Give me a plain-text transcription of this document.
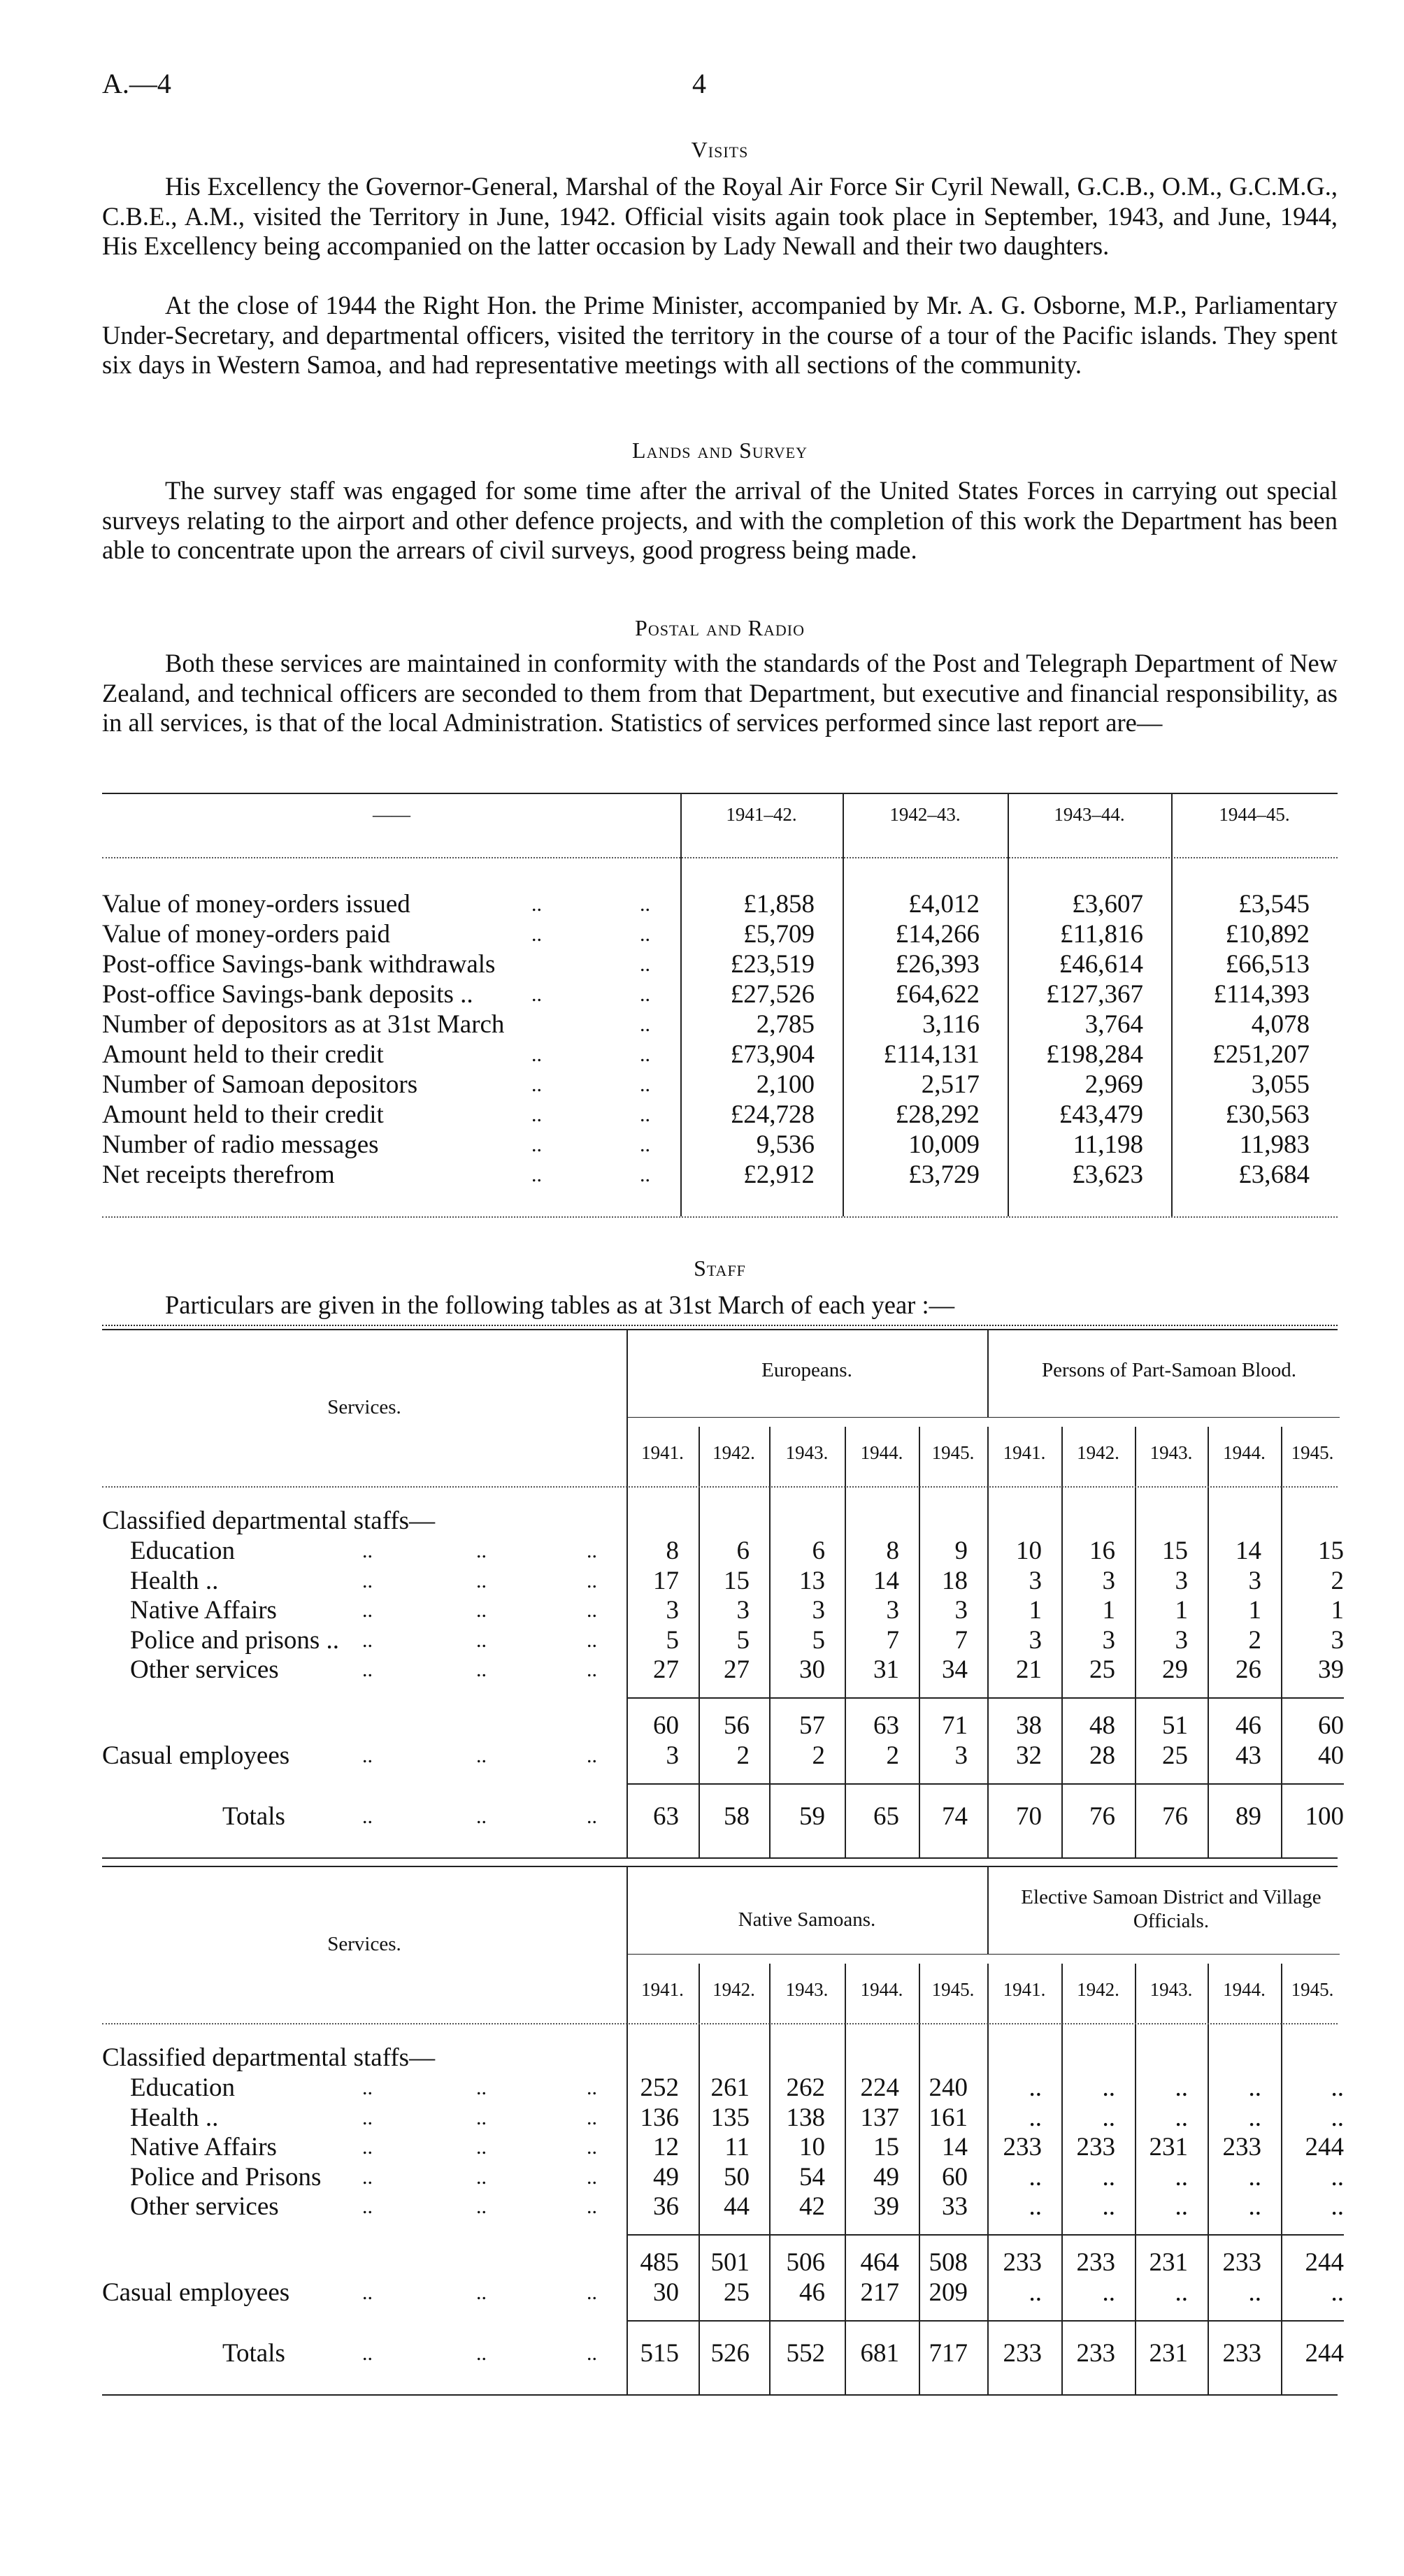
A.—4	4
Visits

His Excellency the Governor-General, Marshal of the Royal Air Force Sir Cyril Newall, G.C.B., O.M., G.C.M.G., C.B.E., A.M., visited the Territory in June, 1942. Official visits again took place in September, 1943, and June, 1944, His Excellency being accompanied on the latter occasion by Lady Newall and their two daughters.

At the close of 1944 the Right Hon. the Prime Minister, accompanied by Mr. A. G. Osborne, M.P., Parliamentary Under-Secretary, and departmental officers, visited the territory in the course of a tour of the Pacific islands. They spent six days in Western Samoa, and had representative meetings with all sections of the community.

Lands and Survey

The survey staff was engaged for some time after the arrival of the United States Forces in carrying out special surveys relating to the airport and other defence projects, and with the completion of this work the Department has been able to concentrate upon the arrears of civil surveys, good progress being made.

Postal and Radio

Both these services are maintained in conformity with the standards of the Post and Telegraph Department of New Zealand, and technical officers are seconded to them from that Department, but executive and financial responsibility, as in all services, is that of the local Administration. Statistics of services performed since last report are—

——	1941–42.	1942–43.	1943–44.	1944–45.
Value of money-orders issued	..	..	£1,858	£4,012	£3,607	£3,545
Value of money-orders paid	..	..	£5,709	£14,266	£11,816	£10,892
Post-office Savings-bank withdrawals	..	£23,519	£26,393	£46,614	£66,513
Post-office Savings-bank deposits ..	..	..	£27,526	£64,622	£127,367	£114,393
Number of depositors as at 31st March	..	2,785	3,116	3,764	4,078
Amount held to their credit	..	..	£73,904	£114,131	£198,284	£251,207
Number of Samoan depositors	..	..	2,100	2,517	2,969	3,055
Amount held to their credit	..	..	£24,728	£28,292	£43,479	£30,563
Number of radio messages	..	..	9,536	10,009	11,198	11,983
Net receipts therefrom	..	..	£2,912	£3,729	£3,623	£3,684
Staff
Particulars are given in the following tables as at 31st March of each year :—
Europeans.	Persons of Part-Samoan Blood.
Services.
1941.	1942.	1943.	1944.	1945.	1941.	1942.	1943.	1944.	1945.
Classified departmental staffs—
Education	..	..	..	8	6	6	8	9	10	16	15	14	15
Health ..	..	..	..	17	15	13	14	18	3	3	3	3	2
Native Affairs	..	..	..	3	3	3	3	3	1	1	1	1	1
Police and prisons .. ..	..	..	5	5	5	7	7	3	3	3	2	3
Other services	..	..	..	27	27	30	31	34	21	25	29	26	39
60	56	57	63	71	38	48	51	46	60
Casual employees	..	..	..	3	2	2	2	3	32	28	25	43	40
Totals	..	..	..	63	58	59	65	74	70	76	76	89	100
Native Samoans.
Elective Samoan District and Village Officials.
Services.
1941.	1942.	1943.	1944.	1945.	1941.	1942.	1943.	1944.	1945.
Classified departmental staffs—
Education	..	..	..	252	261	262	224	240	..	..	..	..	..
Health ..	..	..	..	136	135	138	137	161	..	..	..	..	..
Native Affairs	..	..	..	12	11	10	15	14	233	233	231	233	244
Police and Prisons ..	..	..	49	50	54	49	60	..	..	..	..	..
Other services	..	..	..	36	44	42	39	33	..	..	..	..	..
485	501	506	464	508	233	233	231	233	244
Casual employees	..	..	..	30	25	46	217	209	..	..	..	..	..
Totals	..	..	..	515	526	552	681	717	233	233	231	233	244
